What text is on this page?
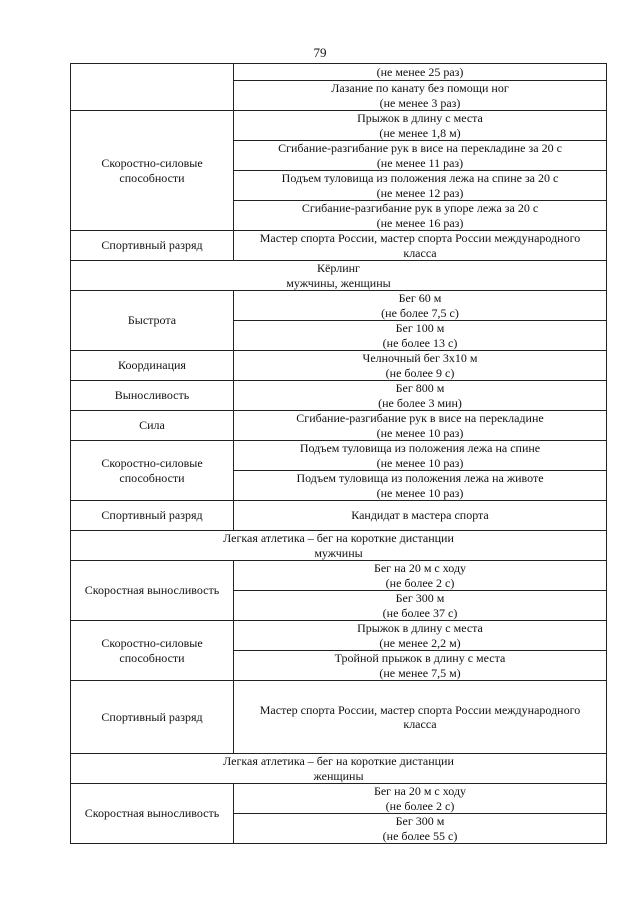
79
	(не менее 25 раз)

	Лазание по канату без помощи ног
(не менее 3 раз)

Скоростно-силовые способности	Прыжок в длину с места
(не менее 1,8 м)

	Сгибание-разгибание рук в висе на перекладине за 20 с
(не менее 11 раз)

	Подъем туловища из положения лежа на спине за 20 с
(не менее 12 раз)

	Сгибание-разгибание рук в упоре лежа за 20 с
(не менее 16 раз)

Спортивный разряд	Мастер спорта России, мастер спорта России международного
класса

Кёрлинг
мужчины, женщины	

Быстрота	Бег 60 м
(не более 7,5 с)

	Бег 100 м
(не более 13 с)

Координация	Челночный бег 3x10 м
(не более 9 с)

Выносливость	Бег 800 м
(не более 3 мин)

Сила	Сгибание-разгибание рук в висе на перекладине
(не менее 10 раз)

Скоростно-силовые способности	Подъем туловища из положения лежа на спине
(не менее 10 раз)

	Подъем туловища из положения лежа на животе
(не менее 10 раз)

Спортивный разряд	Кандидат в мастера спорта

Легкая атлетика – бег на короткие дистанции
мужчины	

Скоростная выносливость	Бег на 20 м с ходу
(не более 2 с)

	Бег 300 м
(не более 37 с)

Скоростно-силовые способности	Прыжок в длину с места
(не менее 2,2 м)

	Тройной прыжок в длину с места
(не менее 7,5 м)

Спортивный разряд	Мастер спорта России, мастер спорта России международного
класса

Легкая атлетика – бег на короткие дистанции
женщины	

Скоростная выносливость	Бег на 20 м с ходу
(не более 2 с)

	Бег 300 м
(не более 55 с)
